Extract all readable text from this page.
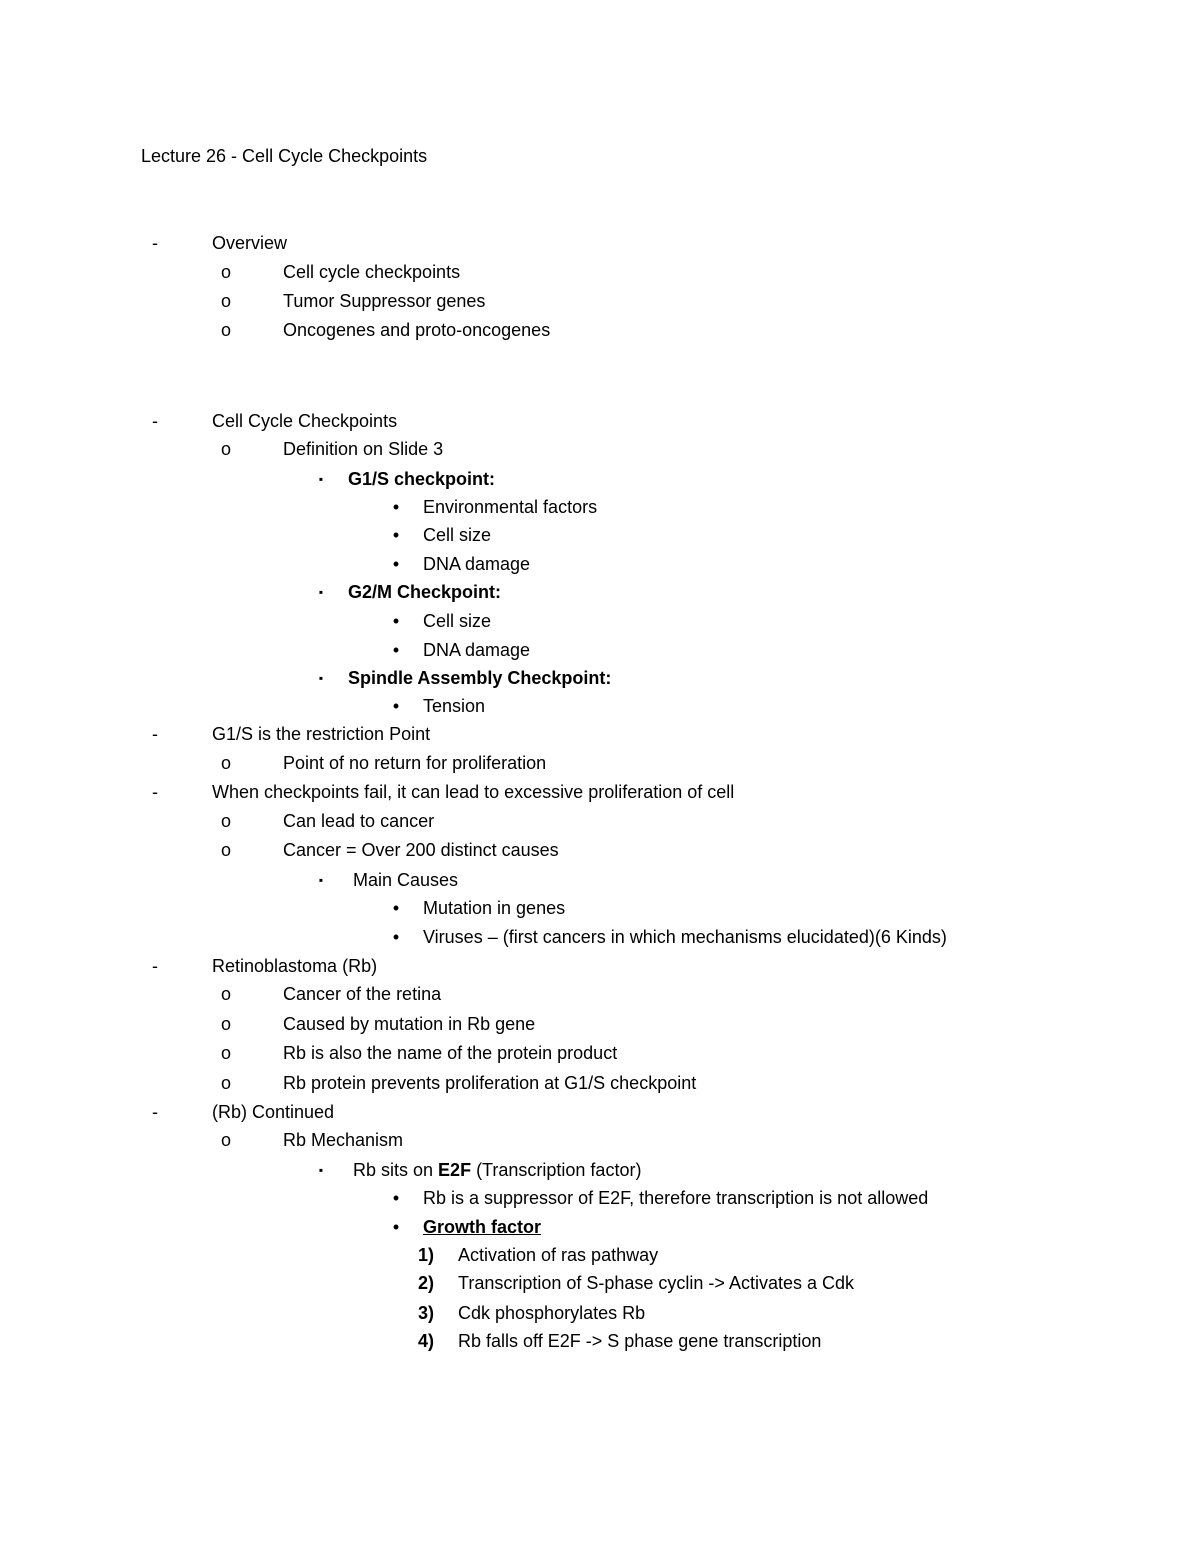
Lecture 26 - Cell Cycle Checkpoints
-	Overview
o	Cell cycle checkpoints
o	Tumor Suppressor genes
o	Oncogenes and proto-oncogenes
-	Cell Cycle Checkpoints
o	Definition on Slide 3
▪	G1/S checkpoint:
•	Environmental factors
•	Cell size
•	DNA damage
▪	G2/M Checkpoint:
•	Cell size
•	DNA damage
▪	Spindle Assembly Checkpoint:
•	Tension
-	G1/S is the restriction Point
o	Point of no return for proliferation
-	When checkpoints fail, it can lead to excessive proliferation of cell
o	Can lead to cancer
o	Cancer = Over 200 distinct causes
▪	Main Causes
•	Mutation in genes
•	Viruses – (first cancers in which mechanisms elucidated)(6 Kinds)
-	Retinoblastoma (Rb)
o	Cancer of the retina
o	Caused by mutation in Rb gene
o	Rb is also the name of the protein product
o	Rb protein prevents proliferation at G1/S checkpoint
-	(Rb) Continued
o	Rb Mechanism
▪	Rb sits on E2F (Transcription factor)
•	Rb is a suppressor of E2F, therefore transcription is not allowed
•	Growth factor
1)	Activation of ras pathway
2)	Transcription of S-phase cyclin -> Activates a Cdk
3)	Cdk phosphorylates Rb
4)	Rb falls off E2F -> S phase gene transcription
